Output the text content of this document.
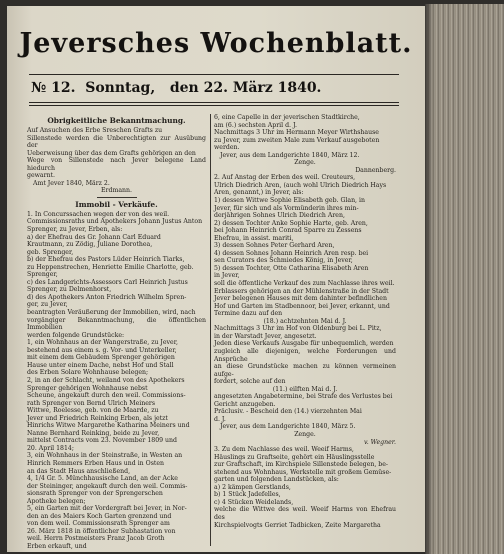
Jeversches Wochenblatt.
№ 12. Sonntag, den 22. März 1840.
Obrigkeitliche Bekanntmachung.

Auf Ansuchen des Erbe Sreschen Grafts zu

Sillenstede werden die Unberechtigten zur Ausübung der

Ueberweisung über das dem Grafts gehörigen an den

Wege von Sillenstede nach Jever belegene Land hiedurch

gewarnt.

Amt Jever 1840, März 2.

Erdmann.

Immobil - Verkäufe.

1. In Concurssachen wegen der von des weil.

Commissionsraths und Apothekers Johann Justus Anton

Sprenger, zu Jever, Erben, als:

a) der Ehefrau des Gr. Johann Carl Eduard

Krautmann, zu Zödig, Juliane Dorothea,

geb. Sprenger,

b) der Ehefrau des Pastors Lüder Heinrich Tiarks,

zu Heppenstrechen, Henriette Emilie Charlotte, geb.

Sprenger,

c) des Landgerichts-Assessors Carl Heinrich Justus

Sprenger, zu Delmenhorst,

d) des Apothekers Anton Friedrich Wilhelm Spren-

ger, zu Jever,

beantragten Veräußerung der Immobilien, wird, nach

vorgängiger Bekanntmachung, die öffentlichen Immobilien

werden folgende Grundstücke:

1, ein Wohnhaus an der Wangerstraße, zu Jever,

bestehend aus einem s. g. Vor- und Unterkeller,

mit einem dem Gebäudem Sprenger gehörigen

Hause unter einem Dache, nebst Hof und Stall

des Erben Solare Wohnhause belegen;

2, in an der Schlacht, weiland von des Apothekers

Sprenger gehörigen Wohnhause nebst

Scheune, angekauft durch den weil. Commissions-

rath Sprenger von Bernd Ulrich Meiners

Wittwe, Roelesse, geb. von de Maarde, zu

Jever und Friedrich Reinking Erben, als jetzt

Hinrichs Witwe Margarethe Katharina Meiners und

Nanne Bernhard Reinking, beide zu Jever,

mittelst Contracts vom 23. November 1809 und

20. April 1814;

3, ein Wohnhaus in der Steinstraße, in Westen an

Hinrich Remmers Erben Haus und in Osten

an das Stadt Haus anschließend,

4, 1/4 Gr. 5. Münchhausische Land, an der Acke

der Steininger, angekauft durch den weil. Commis-

sionsrath Sprenger von der Sprengerschen

Apotheke belegen;

5, ein Garten mit der Vordergraft bei Jever, in Nor-

den an des Maiers Koch Garten grenzend und

von dem weil. Commissionsrath Sprenger am

26. März 1818 in öffentlicher Subhastation von

weil. Herrn Postmeisters Franz Jacob Groth

Erben erkauft, und

6, eine Capelle in der jeverischen Stadtkirche,

am (6.) sechsten April d. J.

Nachmittags 3 Uhr im Hermann Meyer Wirthshause

zu Jever, zum zweiten Male zum Verkauf ausgeboten

werden.

Jever, aus dem Landgerichte 1840, März 12.

Zenge.

Dannenberg.

2. Auf Anstag der Erben des weil. Creuteurs,

Ulrich Diedrich Aren, (auch wohl Ulrich Diedrich Hays

Aren, genannt,) in Jever, als:

1) dessen Wittwe Sophie Elisabeth geb. Glan, in

Jever, für sich und als Vormünderin ihres min-

derjährigen Sohnes Ulrich Diedrich Aren,

2) dessen Tochter Anke Sophie Harte, geb. Aren,

bei Johann Heinrich Conrad Sparre zu Zessens

Ehefrau, in assist. mariti,

3) dessen Sohnes Peter Gerhard Aren,

4) dessen Sohnes Johann Heinrich Aren resp. bei

sen Curators des Schmiedes König, in Jever,

5) dessen Tochter, Otte Catharina Elisabeth Aren

in Jever,

soll die öffentliche Verkauf des zum Nachlasse ihres weil.

Erblassers gehörigen an der Mühlenstraße in der Stadt

Jever belegenen Hauses mit dem dahinter befindlichen

Hof und Garten im Stadbennoor, bei Jever, erkannt, und

Termine dazu auf den

(18.) achtzehnten Mai d. J.

Nachmittags 3 Uhr im Hof von Oldenburg bei L. Pitz,

in der Warstadt Jever, angesetzt.

Jeden diese Verkaufs Ausgabe für unbequemlich, werden

zugleich alle diejenigen, welche Forderungen und Ansprüche

an diese Grundstücke machen zu können vermeinen aufge-

fordert, solche auf den

(11.) eilften Mai d. J.

angesetzten Angabetermine, bei Strafe des Verlustes bei

Gericht anzugeben.

Präclusiv. - Bescheid den (14.) vierzehnten Mai

d. J.

Jever, aus dem Landgerichte 1840, März 5.

Zenge.

v. Wegner.

3. Zu dem Nachlasse des weil. Weeif Harms,

Häuslings zu Graftseite, gehört ein Häuslingsstelle

zur Graftschaft, im Kirchspiele Sillenstede belegen, be-

stehend aus Wohnhaus, Werkstelle mit großem Gemüse-

garten und folgenden Landstücken, als:

a) 2 kämpen Gerstlands,

b) 1 Stück Jadefelles,

c) 4 Stücken Weidelands,

welche die Wittwe des weil. Weeif Harms von Ehefrau des

Kirchspielvogts Gerriet Tadbicken, Zeite Margaretha
